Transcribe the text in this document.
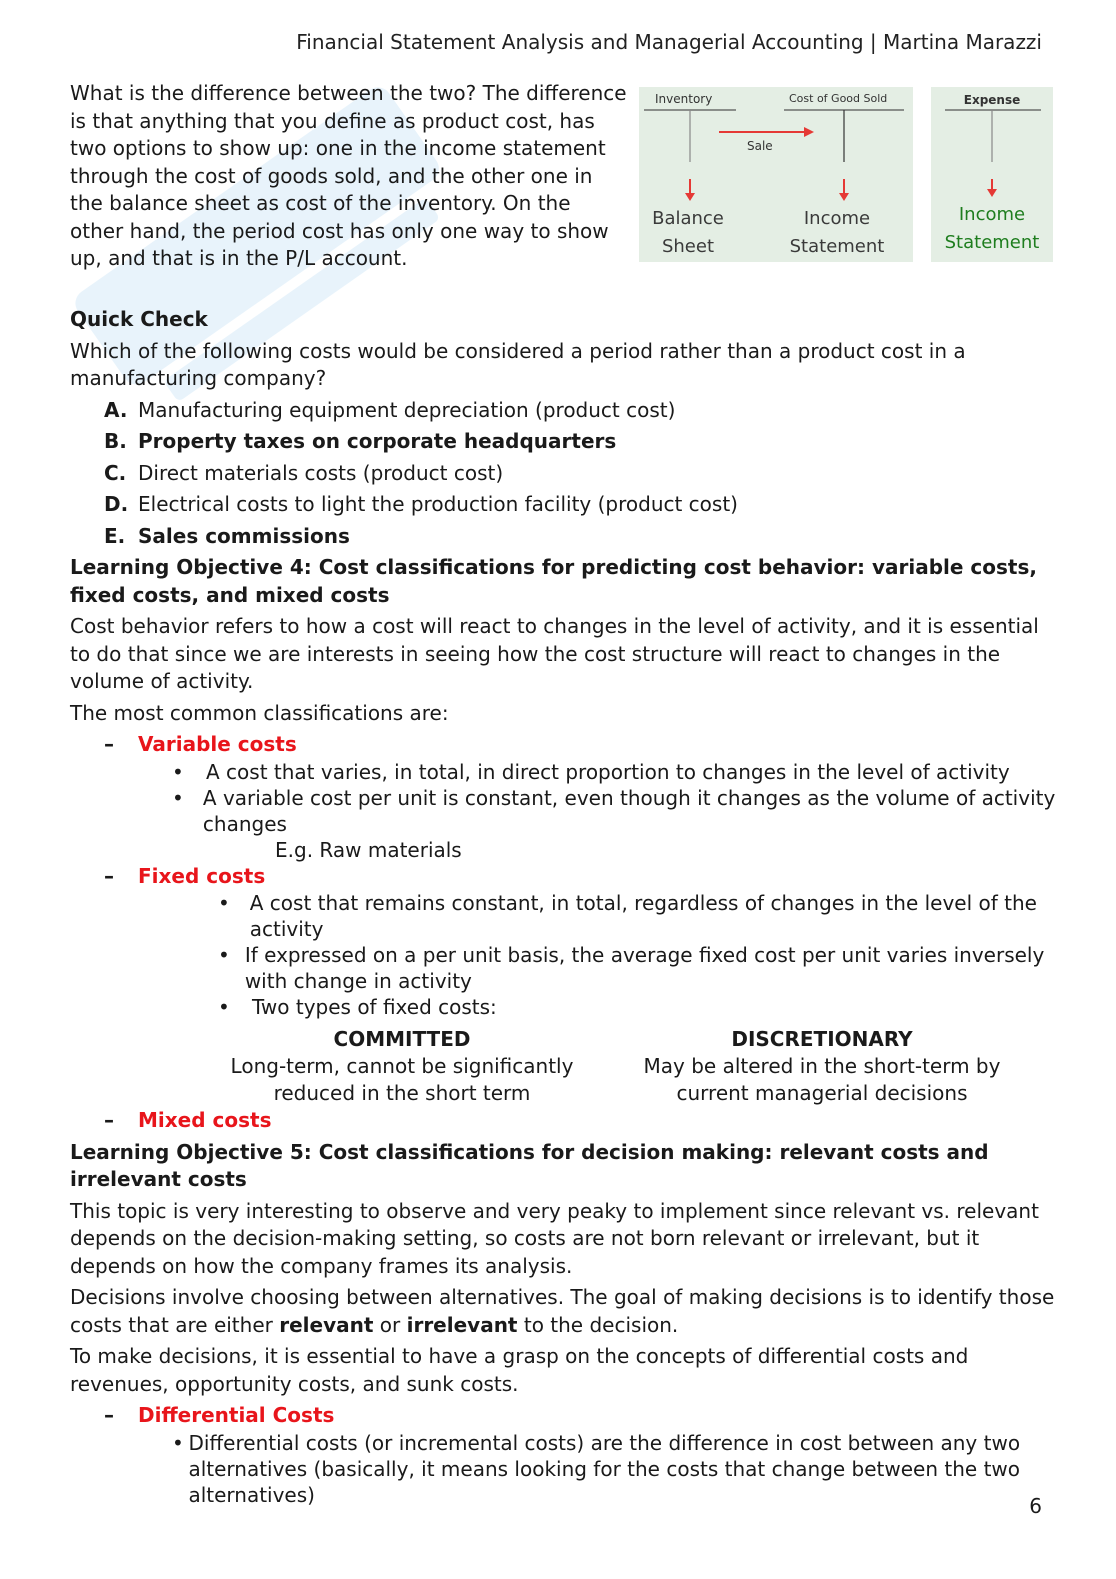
Financial Statement Analysis and Managerial Accounting | Martina Marazzi
What is the difference between the two? The difference is that anything that you define as product cost, has two options to show up: one in the income statement through the cost of goods sold, and the other one in the balance sheet as cost of the inventory. On the other hand, the period cost has only one way to show up, and that is in the P/L account.
Inventory	Cost of Good Sold
Sale
Balance
Sheet
Income
Statement
Expense
Income
Statement

Quick Check

Which of the following costs would be considered a period rather than a product cost in a manufacturing company?

A. Manufacturing equipment depreciation (product cost)
B. Property taxes on corporate headquarters
C. Direct materials costs (product cost)
D. Electrical costs to light the production facility (product cost)
E. Sales commissions

Learning Objective 4: Cost classifications for predicting cost behavior: variable costs, fixed costs, and mixed costs

Cost behavior refers to how a cost will react to changes in the level of activity, and it is essential to do that since we are interests in seeing how the cost structure will react to changes in the volume of activity.

The most common classifications are:

–	Variable costs
•	A cost that varies, in total, in direct proportion to changes in the level of activity
• A variable cost per unit is constant, even though it changes as the volume of activity changes
E.g. Raw materials
–	Fixed costs
• A cost that remains constant, in total, regardless of changes in the level of the activity
• If expressed on a per unit basis, the average fixed cost per unit varies inversely with change in activity
•	Two types of fixed costs:
COMMITTED
Long-term, cannot be significantly reduced in the short term
DISCRETIONARY
May be altered in the short-term by current managerial decisions
–	Mixed costs

Learning Objective 5: Cost classifications for decision making: relevant costs and irrelevant costs

This topic is very interesting to observe and very peaky to implement since relevant vs. relevant depends on the decision-making setting, so costs are not born relevant or irrelevant, but it depends on how the company frames its analysis.

Decisions involve choosing between alternatives. The goal of making decisions is to identify those costs that are either relevant or irrelevant to the decision.

To make decisions, it is essential to have a grasp on the concepts of differential costs and revenues, opportunity costs, and sunk costs.

–	Differential Costs
• Differential costs (or incremental costs) are the difference in cost between any two alternatives (basically, it means looking for the costs that change between the two alternatives)	6
